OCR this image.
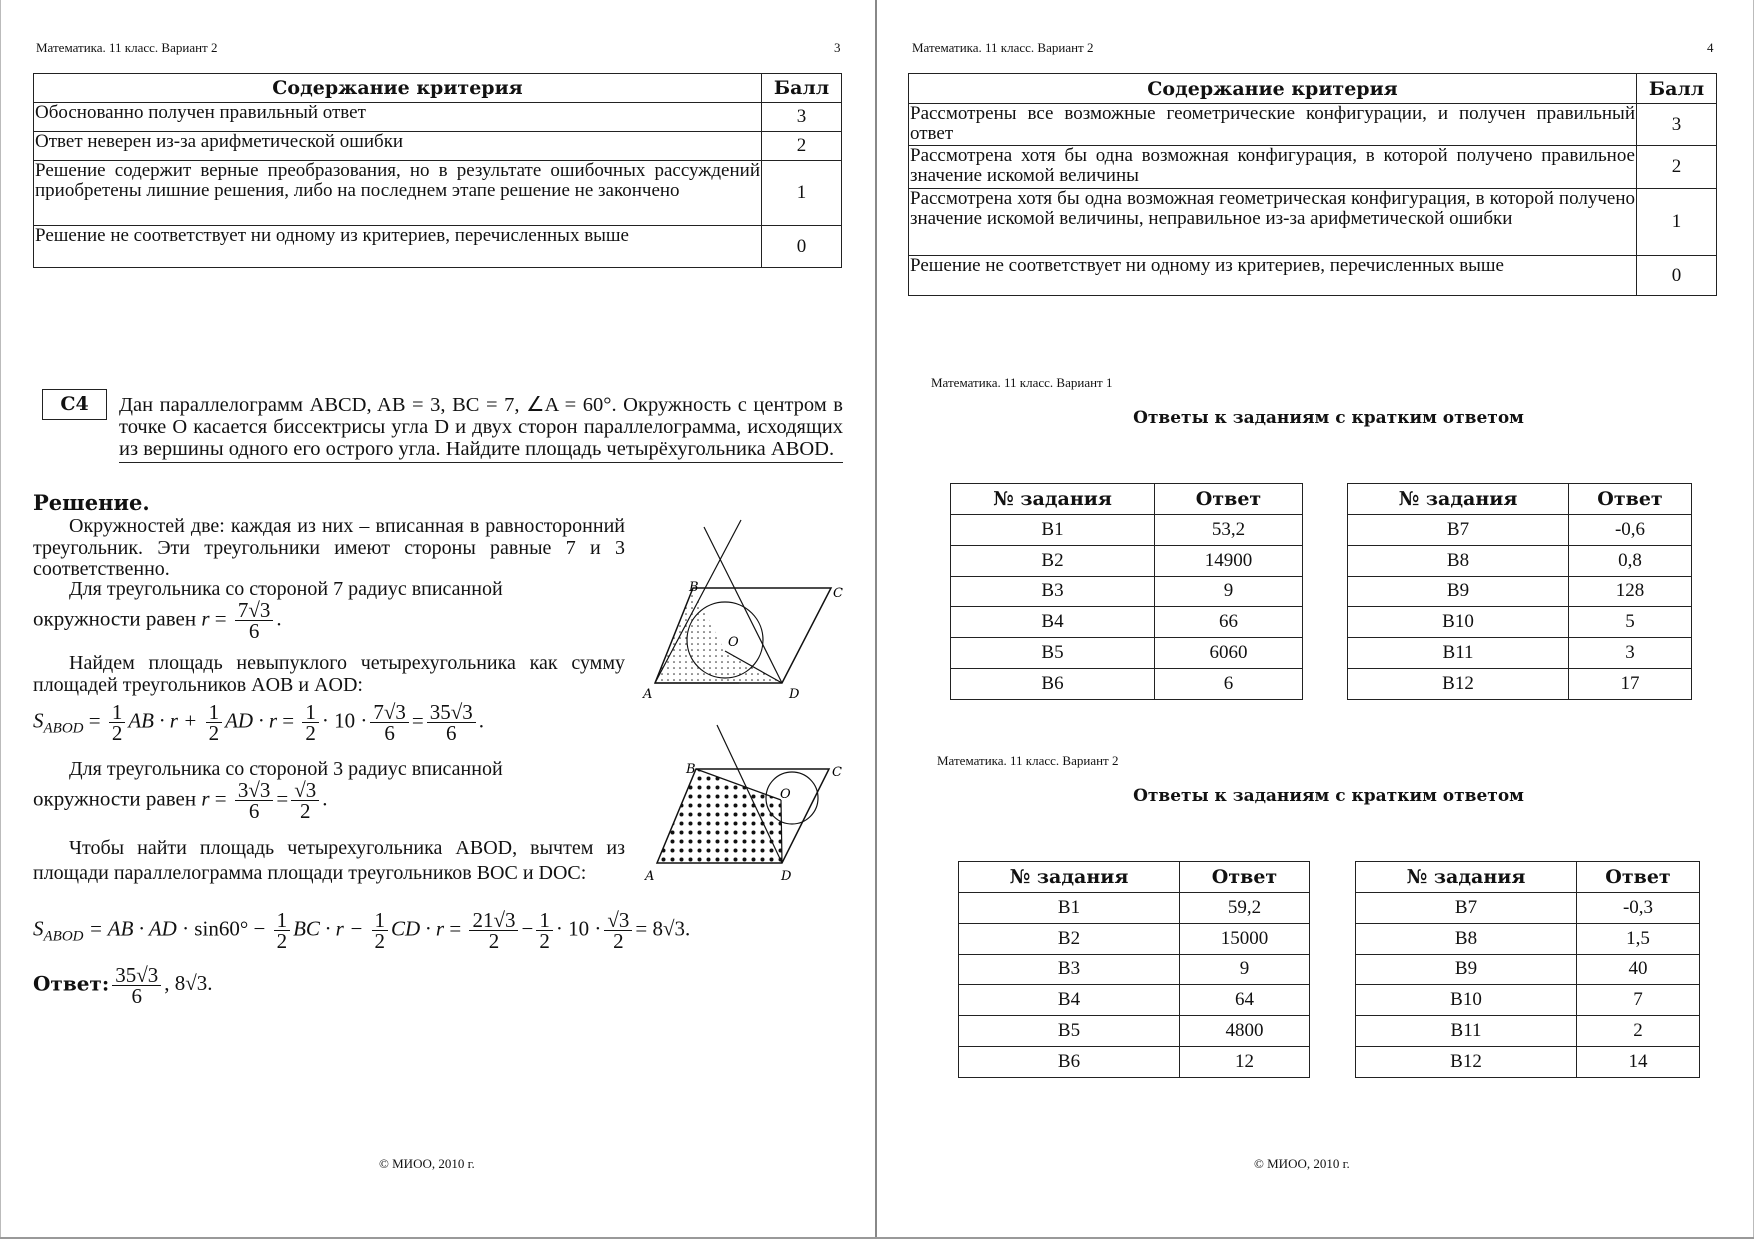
Математика. 11 класс. Вариант 2	3
Содержание критерия	Балл
Обоснованно получен правильный ответ	3
Ответ неверен из-за арифметической ошибки	2
Решение содержит верные преобразования, но в результате ошибочных рассуждений приобретены лишние решения, либо на последнем этапе решение не закончено	1
Решение не соответствует ни одному из критериев, перечисленных выше	0
C4	Дан параллелограмм ABCD, AB = 3, BC = 7, ∠A = 60°. Окружность с центром в точке O касается биссектрисы угла D и двух сторон параллелограмма, исходящих из вершины одного его острого угла. Найдите площадь четырёхугольника ABOD.
Решение.
Окружностей две: каждая из них – вписанная в равносторонний треугольник. Эти треугольники имеют стороны равные 7 и 3 соответственно.
Для треугольника со стороной 7 радиус вписанной
окружности равен $r = \frac{7√3}{6}$ .
Найдем площадь невыпуклого четырехугольника как сумму площадей треугольников AOB и AOD:
$S_{ABOD} = \frac{1}{2}$ AB · $r + \frac{1}{2}$ AD · $r = \frac{1}{2} \cdot 10 \cdot \frac{7√3}{6} = \frac{35√3}{6}$ .
Для треугольника со стороной 3 радиус вписанной
окружности равен $r = \frac{3√3}{6} = \frac{√3}{2}$ .
Чтобы найти площадь четырехугольника ABOD, вычтем из площади параллелограмма площади треугольников BOC и DOC:
$S_{ABOD}$ = AB · AD · $\sin 60^\circ - \frac{1}{2}$ BC · $r - \frac{1}{2}$ CD · $r = \frac{21√3}{2} - \frac{1}{2} \cdot 10 \cdot \frac{√3}{2} = 8√3$.
Ответ: $\frac{35√3}{6}$ , 8√3.
B	C
A	D
O
B	C
A	D
O
© МИОО, 2010 г.
Математика. 11 класс. Вариант 2	4
Содержание критерия	Балл
Рассмотрены все возможные геометрические конфигурации, и получен правильный ответ	3
Рассмотрена хотя бы одна возможная конфигурация, в которой получено правильное значение искомой величины	2
Рассмотрена хотя бы одна возможная геометрическая конфигурация, в которой получено значение искомой величины, неправильное из-за арифметической ошибки	1
Решение не соответствует ни одному из критериев, перечисленных выше	0
Математика. 11 класс. Вариант 1
Ответы к заданиям с кратким ответом
№ задания	Ответ
B1	53,2
B2	14900
B3	9
B4	66
B5	6060
B6	6
№ задания	Ответ
B7	-0,6
B8	0,8
B9	128
B10	5
B11	3
B12	17
Математика. 11 класс. Вариант 2
Ответы к заданиям с кратким ответом
№ задания	Ответ
B1	59,2
B2	15000
B3	9
B4	64
B5	4800
B6	12
№ задания	Ответ
B7	-0,3
B8	1,5
B9	40
B10	7
B11	2
B12	14
© МИОО, 2010 г.
